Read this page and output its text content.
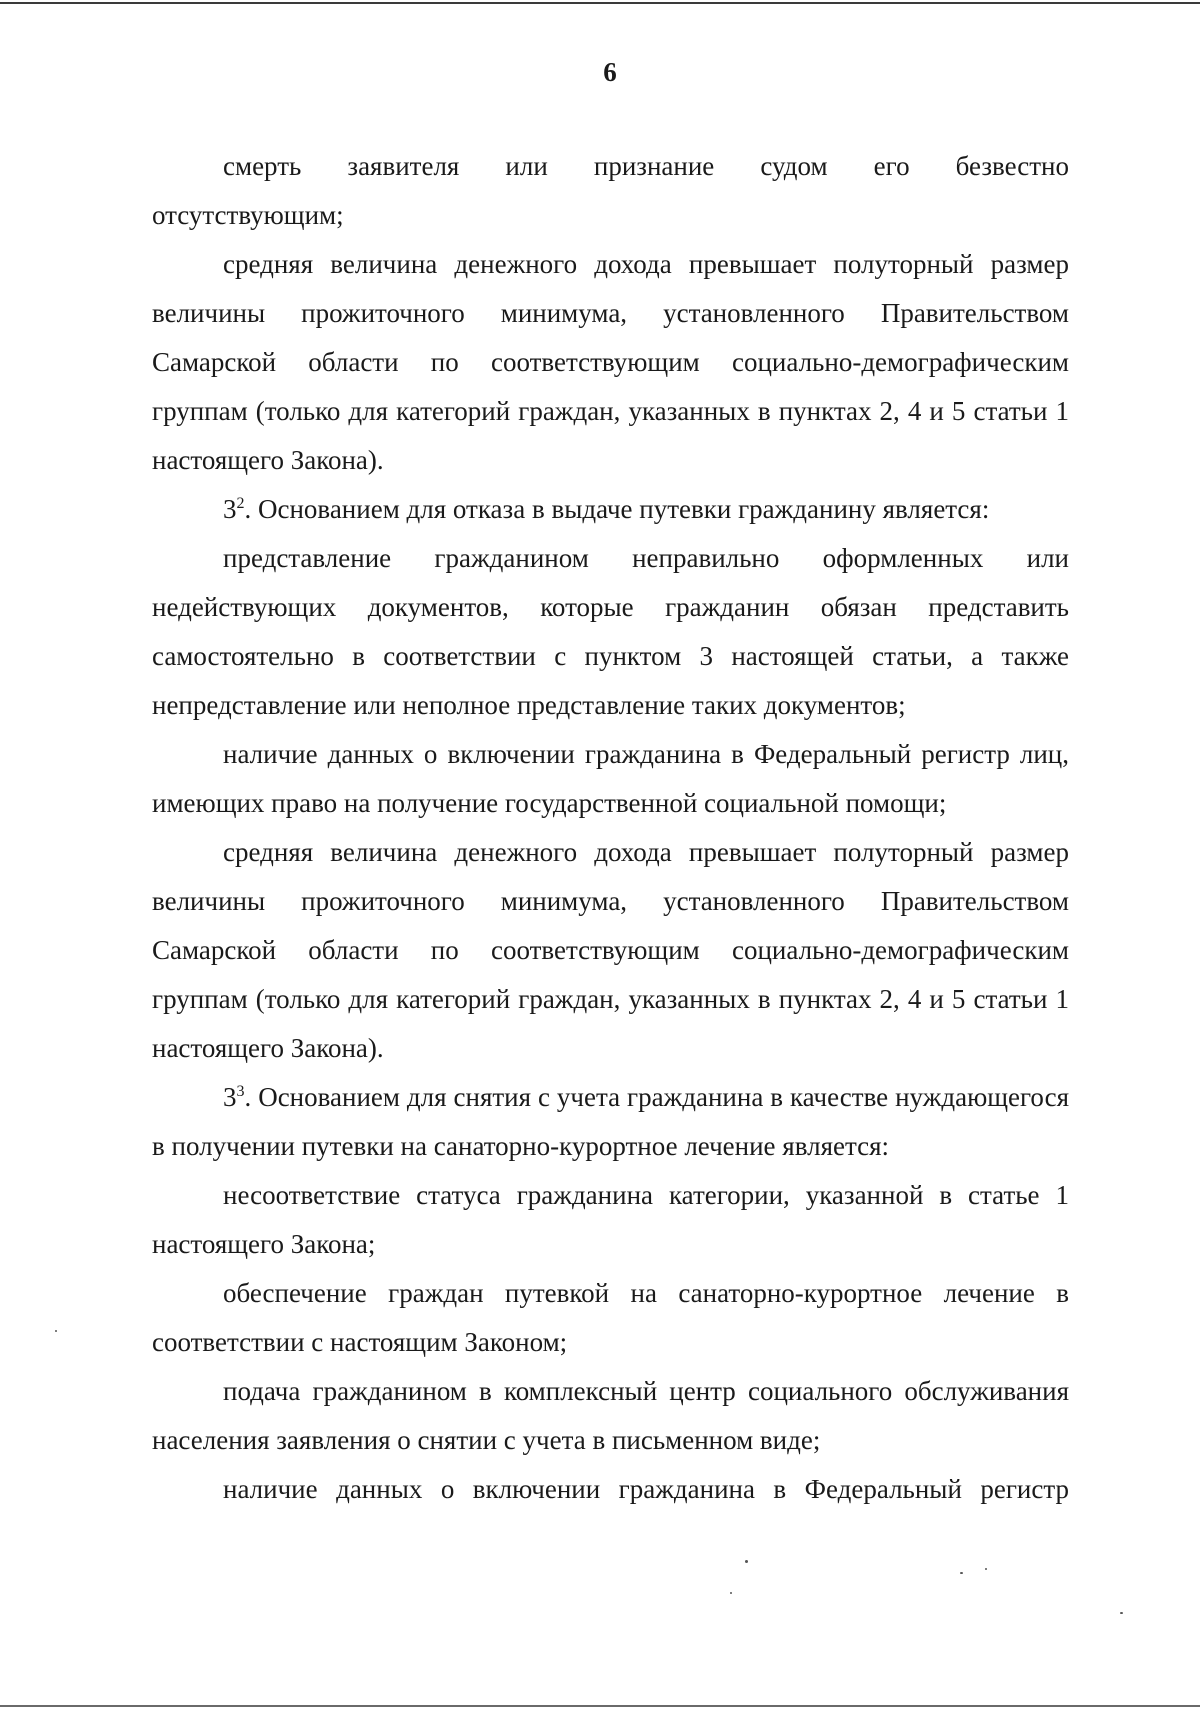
6

смерть заявителя или признание судом его безвестно

отсутствующим;

средняя величина денежного дохода превышает полуторный размер величины прожиточного минимума, установленного Правительством Самарской области по соответствующим социально-демографическим группам (только для категорий граждан, указанных в пунктах 2, 4 и 5 статьи 1 настоящего Закона).

$3^2$. Основанием для отказа в выдаче путевки гражданину является:

представление гражданином неправильно оформленных или недействующих документов, которые гражданин обязан представить самостоятельно в соответствии с пунктом 3 настоящей статьи, а также непредставление или неполное представление таких документов;

наличие данных о включении гражданина в Федеральный регистр лиц, имеющих право на получение государственной социальной помощи;

средняя величина денежного дохода превышает полуторный размер величины прожиточного минимума, установленного Правительством Самарской области по соответствующим социально-демографическим группам (только для категорий граждан, указанных в пунктах 2, 4 и 5 статьи 1 настоящего Закона).

$3^3$. Основанием для снятия с учета гражданина в качестве нуждающегося в получении путевки на санаторно-курортное лечение является:

несоответствие статуса гражданина категории, указанной в статье 1 настоящего Закона;

обеспечение граждан путевкой на санаторно-курортное лечение в соответствии с настоящим Законом;

подача гражданином в комплексный центр социального обслуживания населения заявления о снятии с учета в письменном виде;

наличие данных о включении гражданина в Федеральный регистр
